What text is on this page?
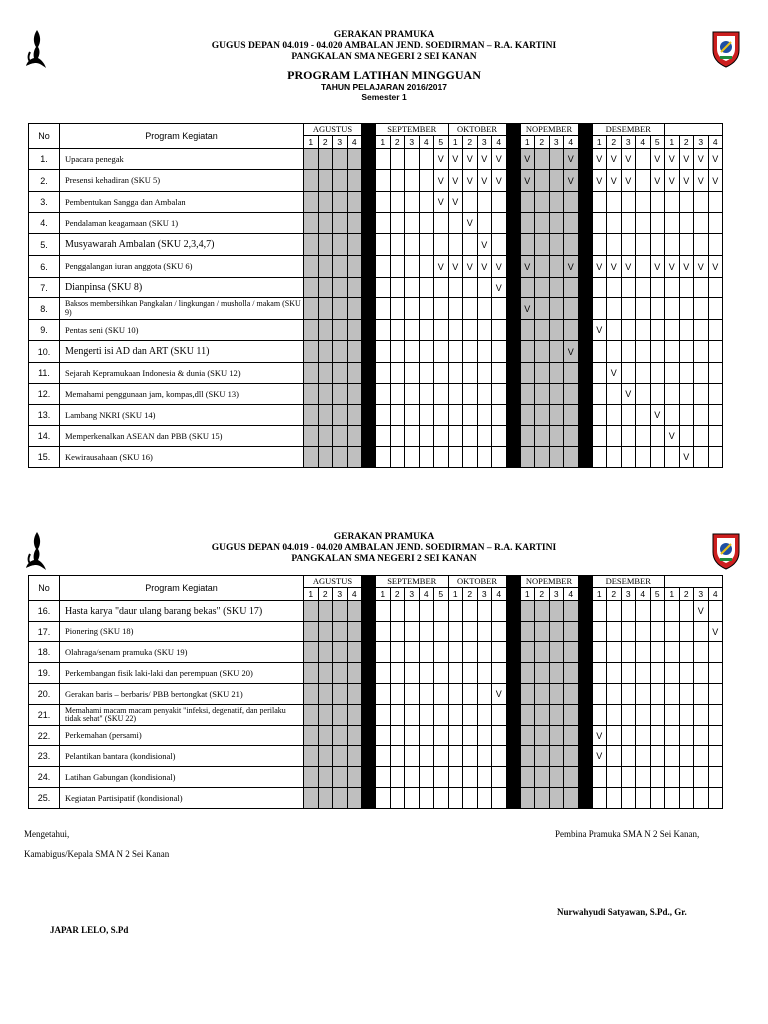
GERAKAN PRAMUKA
GUGUS DEPAN 04.019 - 04.020 AMBALAN JEND. SOEDIRMAN – R.A. KARTINI
PANGKALAN SMA NEGERI 2 SEI KANAN
PROGRAM LATIHAN MINGGUAN
TAHUN PELAJARAN 2016/2017
Semester 1
No	Program Kegiatan	AGUSTUS					SEPTEMBER					OKTOBER					NOPEMBER					DESEMBER								
		1	2	3	4		1	2	3	4	5	1	2	3	4		1	2	3	4		1	2	3	4	5	1	2	3	4
1.	Upacara penegak										V	V	V	V	V		V			V		V	V	V		V	V	V	V	V
2.	Presensi kehadiran (SKU 5)										V	V	V	V	V		V			V		V	V	V		V	V	V	V	V
3.	Pembentukan Sangga dan Ambalan										V	V																		
4.	Pendalaman keagamaan (SKU 1)												V																	
5.	Musyawarah Ambalan (SKU 2,3,4,7)													V																
6.	Penggalangan iuran anggota (SKU 6)										V	V	V	V	V		V			V		V	V	V		V	V	V	V	V
7.	Dianpinsa (SKU 8)														V															
8.	Baksos membersihkan Pangkalan / lingkungan / musholla / makam (SKU 9)																V													
9.	Pentas seni (SKU 10)																					V								
10.	Mengerti isi AD dan ART (SKU 11)																			V										
11.	Sejarah Kepramukaan Indonesia & dunia (SKU 12)																						V							
12.	Memahami penggunaan jam, kompas,dll (SKU 13)																							V						
13.	Lambang NKRI (SKU 14)																									V				
14.	Memperkenalkan ASEAN dan PBB (SKU 15)																										V			
15.	Kewirausahaan (SKU 16)																											V		
GERAKAN PRAMUKA
GUGUS DEPAN 04.019 - 04.020 AMBALAN JEND. SOEDIRMAN – R.A. KARTINI
PANGKALAN SMA NEGERI 2 SEI KANAN
No	Program Kegiatan	AGUSTUS					SEPTEMBER					OKTOBER					NOPEMBER					DESEMBER								
		1	2	3	4		1	2	3	4	5	1	2	3	4		1	2	3	4		1	2	3	4	5	1	2	3	4
16.	Hasta karya "daur ulang barang bekas" (SKU 17)																												V	
17.	Pionering (SKU 18)																													V
18.	Olahraga/senam pramuka (SKU 19)																													
19.	Perkembangan fisik laki-laki dan perempuan (SKU 20)																													
20.	Gerakan baris – berbaris/ PBB bertongkat (SKU 21)														V															
21.	Memahami macam macam penyakit "infeksi, degenatif, dan perilaku tidak sehat" (SKU 22)																													
22.	Perkemahan (persami)																					V								
23.	Pelantikan bantara (kondisional)																					V								
24.	Latihan Gabungan (kondisional)																													
25.	Kegiatan Partisipatif (kondisional)																													
Mengetahui,
Kamabigus/Kepala SMA N 2 Sei Kanan
JAPAR LELO, S.Pd
Pembina Pramuka SMA N 2 Sei Kanan,
Nurwahyudi Satyawan, S.Pd., Gr.
